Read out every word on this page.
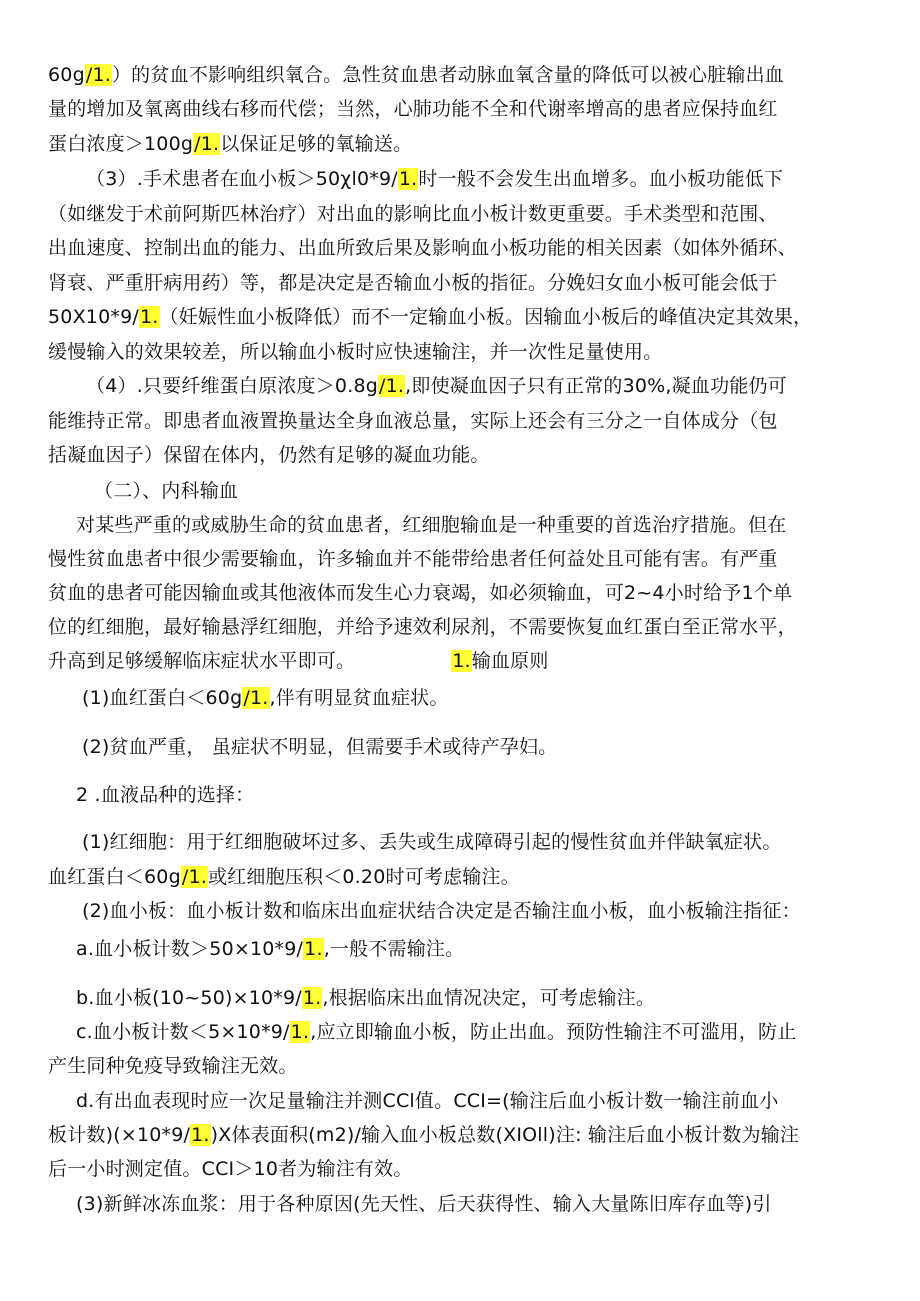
60g/1.）的贫血不影响组织氧合。急性贫血患者动脉血氧含量的降低可以被心脏输出血
量的增加及氧离曲线右移而代偿；当然，心肺功能不全和代谢率增高的患者应保持血红
蛋白浓度＞100g/1.以保证足够的氧输送。
（3）.手术患者在血小板＞50χl0*9/1.时一般不会发生出血增多。血小板功能低下
（如继发于术前阿斯匹林治疗）对出血的影响比血小板计数更重要。手术类型和范围、
出血速度、控制出血的能力、出血所致后果及影响血小板功能的相关因素（如体外循环、
肾衰、严重肝病用药）等，都是决定是否输血小板的指征。分娩妇女血小板可能会低于
50X10*9/1.（妊娠性血小板降低）而不一定输血小板。因输血小板后的峰值决定其效果，
缓慢输入的效果较差，所以输血小板时应快速输注，并一次性足量使用。
（4）.只要纤维蛋白原浓度＞0.8g/1.,即使凝血因子只有正常的30%,凝血功能仍可
能维持正常。即患者血液置换量达全身血液总量，实际上还会有三分之一自体成分（包
括凝血因子）保留在体内，仍然有足够的凝血功能。
（二）、内科输血
对某些严重的或威胁生命的贫血患者，红细胞输血是一种重要的首选治疗措施。但在
慢性贫血患者中很少需要输血，许多输血并不能带给患者任何益处且可能有害。有严重
贫血的患者可能因输血或其他液体而发生心力衰竭，如必须输血，可2~4小时给予1个单
位的红细胞，最好输悬浮红细胞，并给予速效利尿剂，不需要恢复血红蛋白至正常水平，
升高到足够缓解临床症状水平即可。	1.输血原则
(1)血红蛋白＜60g/1.,伴有明显贫血症状。
(2)贫血严重， 虽症状不明显，但需要手术或待产孕妇。
2 .血液品种的选择：
(1)红细胞：用于红细胞破坏过多、丢失或生成障碍引起的慢性贫血并伴缺氧症状。
血红蛋白＜60g/1.或红细胞压积＜0.20时可考虑输注。
(2)血小板：血小板计数和临床出血症状结合决定是否输注血小板，血小板输注指征：
a.血小板计数＞50×10*9/1.,一般不需输注。
b.血小板(10~50)×10*9/1.,根据临床出血情况决定，可考虑输注。
c.血小板计数＜5×10*9/1.,应立即输血小板，防止出血。预防性输注不可滥用，防止
产生同种免疫导致输注无效。
d.有出血表现时应一次足量输注并测CCl值。CCI=(输注后血小板计数一输注前血小
板计数)(×10*9/1.)X体表面积(m2)/输入血小板总数(XIOll)注: 输注后血小板计数为输注
后一小时测定值。CCI＞10者为输注有效。
(3)新鲜冰冻血浆：用于各种原因(先天性、后天获得性、输入大量陈旧库存血等)引
